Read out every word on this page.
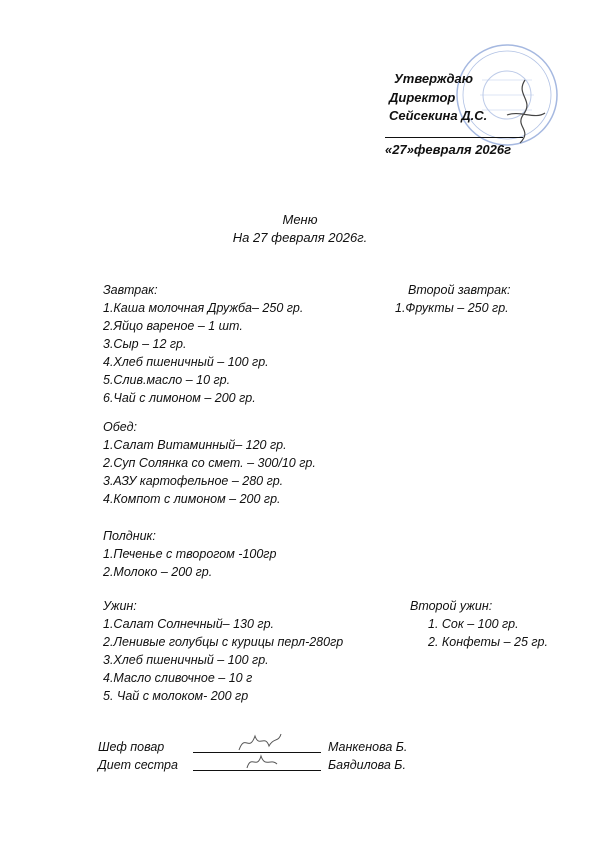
Утверждаю
Директор
Сейсекина Д.С.
«27»февраля 2026г
Меню
На 27 февраля 2026г.
Завтрак:
1.Каша молочная Дружба– 250 гр.
2.Яйцо вареное – 1 шт.
3.Сыр – 12 гр.
4.Хлеб пшеничный – 100 гр.
5.Слив.масло – 10 гр.
6.Чай с лимоном – 200 гр.
Второй завтрак:
1.Фрукты – 250 гр.
Обед:
1.Салат Витаминный– 120 гр.
2.Суп Солянка со смет. – 300/10 гр.
3.АЗУ картофельное – 280 гр.
4.Компот с лимоном – 200 гр.
Полдник:
1.Печенье с творогом -100гр
2.Молоко – 200 гр.
Ужин:
1.Салат Солнечный– 130 гр.
2.Ленивые голубцы с курицы перл-280гр
3.Хлеб пшеничный – 100 гр.
4.Масло сливочное – 10 г
5. Чай с молоком- 200 гр
Второй ужин:
1. Сок – 100 гр.
2. Конфеты – 25 гр.
Шеф повар	Манкенова Б.
Диет сестра	Баядилова Б.
